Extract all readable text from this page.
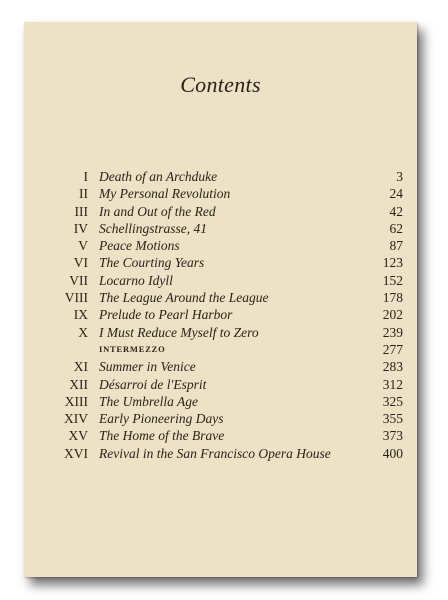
Contents
I Death of an Archduke	3
II My Personal Revolution	24
III In and Out of the Red	42
IV Schellingstrasse, 41	62
V Peace Motions	87
VI The Courting Years	123
VII Locarno Idyll	152
VIII The League Around the League	178
IX Prelude to Pearl Harbor	202
X I Must Reduce Myself to Zero	239
INTERMEZZO	277
XI Summer in Venice	283
XII Désarroi de l'Esprit	312
XIII The Umbrella Age	325
XIV Early Pioneering Days	355
XV The Home of the Brave	373
XVI Revival in the San Francisco Opera House	400
